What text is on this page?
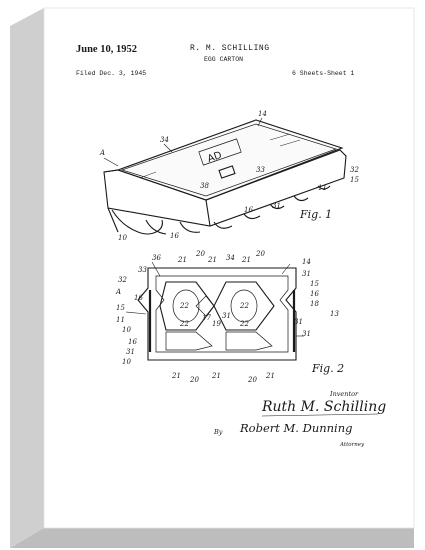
AD
June 10, 1952	R. M. SCHILLING
EGG CARTON
Filed Dec. 3, 1945	6 Sheets-Sheet 1
Fig. 1
Fig. 2
Inventor
Ruth M. Schilling
By Robert M. Dunning
Attorney
14
34
A
38
33	32
15
11
31
16
10	16
36 21
20
21 34 21
20
14
33
32
A
16
15
11
10
31
15
16
18
13
31
22	22
22	22
17
19
16
31
10
31
21 20 21	20 21
31
